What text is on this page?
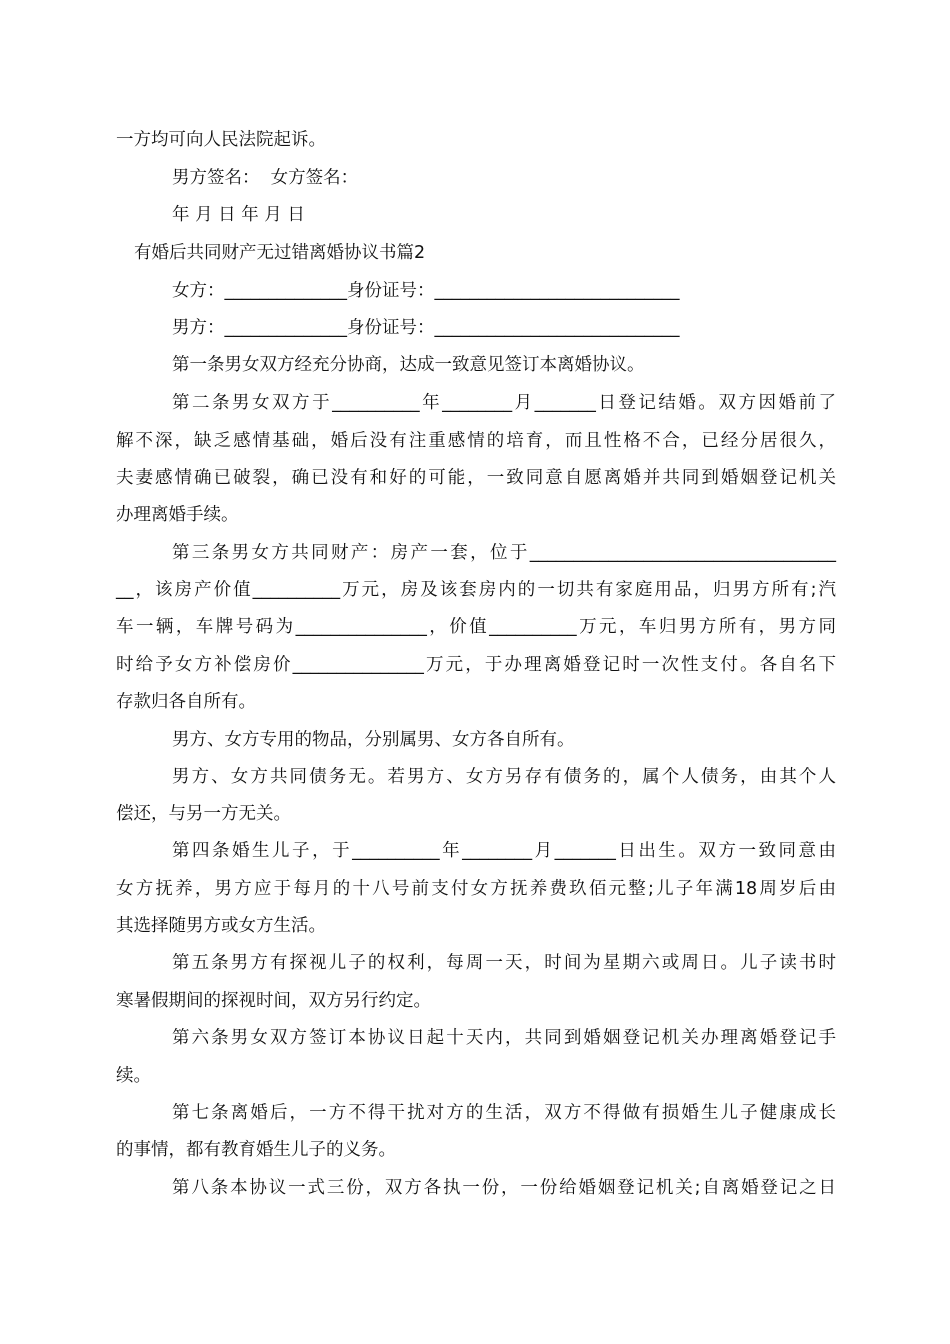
一方均可向人民法院起诉。
男方签名：  女方签名：
年 月 日 年 月 日
有婚后共同财产无过错离婚协议书篇2
女方：______________身份证号：____________________________
男方：______________身份证号：____________________________
第一条男女双方经充分协商，达成一致意见签订本离婚协议。
第二条男女双方于__________年________月_______日登记结婚。双方因婚前了
解不深，缺乏感情基础，婚后没有注重感情的培育，而且性格不合，已经分居很久，
夫妻感情确已破裂，确已没有和好的可能，一致同意自愿离婚并共同到婚姻登记机关
办理离婚手续。
第三条男女方共同财产：房产一套，位于___________________________________
__，该房产价值__________万元，房及该套房内的一切共有家庭用品，归男方所有;汽
车一辆，车牌号码为_______________，价值__________万元，车归男方所有，男方同
时给予女方补偿房价_______________万元，于办理离婚登记时一次性支付。各自名下
存款归各自所有。
男方、女方专用的物品，分别属男、女方各自所有。
男方、女方共同债务无。若男方、女方另存有债务的，属个人债务，由其个人
偿还，与另一方无关。
第四条婚生儿子，于__________年________月_______日出生。双方一致同意由
女方抚养，男方应于每月的十八号前支付女方抚养费玖佰元整;儿子年满18周岁后由
其选择随男方或女方生活。
第五条男方有探视儿子的权利，每周一天，时间为星期六或周日。儿子读书时
寒暑假期间的探视时间，双方另行约定。
第六条男女双方签订本协议日起十天内，共同到婚姻登记机关办理离婚登记手
续。
第七条离婚后，一方不得干扰对方的生活，双方不得做有损婚生儿子健康成长
的事情，都有教育婚生儿子的义务。
第八条本协议一式三份，双方各执一份，一份给婚姻登记机关;自离婚登记之日
